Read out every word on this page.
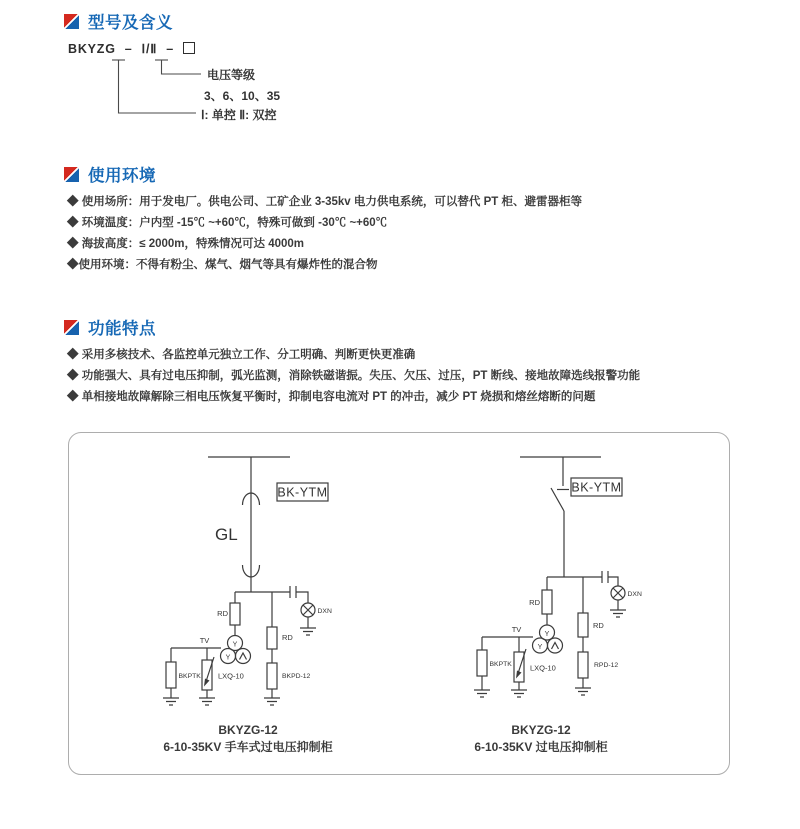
型号及含义
BKYZG – Ⅰ/Ⅱ –
电压等级
3、6、10、35
Ⅰ: 单控 Ⅱ: 双控
使用环境
◆ 使用场所：用于发电厂。供电公司、工矿企业 3-35kv 电力供电系统，可以替代 PT 柜、避雷器柜等
◆ 环境温度：户内型 -15℃ ~+60℃，特殊可做到 -30℃ ~+60℃
◆ 海拔高度：≤ 2000m，特殊情况可达 4000m
◆使用环境：不得有粉尘、煤气、烟气等具有爆炸性的混合物
功能特点
◆ 采用多核技术、各监控单元独立工作、分工明确、判断更快更准确
◆ 功能强大、具有过电压抑制，弧光监测，消除铁磁谐振。失压、欠压、过压，PT 断线、接地故障选线报警功能
◆ 单相接地故障解除三相电压恢复平衡时，抑制电容电流对 PT 的冲击，减少 PT 烧损和熔丝熔断的问题
GL
BK-YTM
RD
Y
Y
TV
BKPTK LXQ-10
RD
BKPD-12
DXN
BK-YTM
RD
Y
Y
TV
BKPTK LXQ-10
RD
RPD-12
DXN
BKYZG-12
6-10-35KV 手车式过电压抑制柜
BKYZG-12
6-10-35KV 过电压抑制柜
